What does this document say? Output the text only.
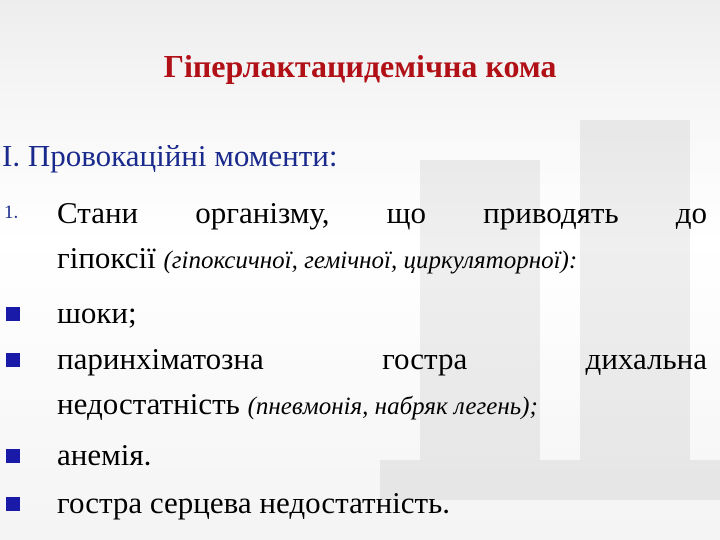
Гіперлактацидемічна кома
І. Провокаційні моменти:
1. Стани організму, що приводять до
гіпоксії (гіпоксичної, гемічної, циркуляторної):
шоки;
паринхіматозна гостра дихальна
недостатність (пневмонія, набряк легень);
анемія.
гостра серцева недостатність.
